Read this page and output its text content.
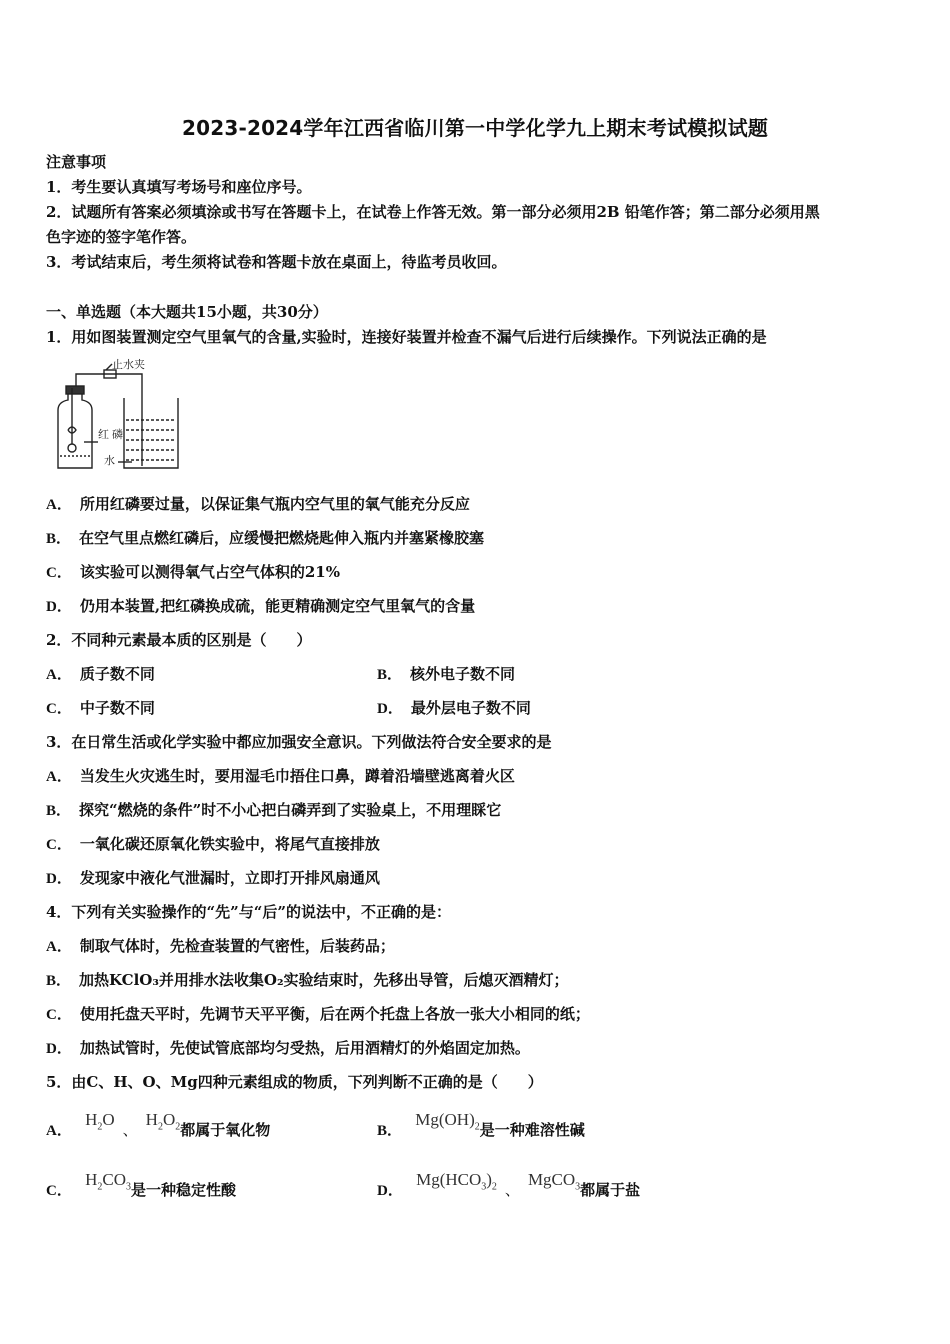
2023-2024学年江西省临川第一中学化学九上期末考试模拟试题
注意事项
1．考生要认真填写考场号和座位序号。
2．试题所有答案必须填涂或书写在答题卡上，在试卷上作答无效。第一部分必须用2B 铅笔作答；第二部分必须用黑
色字迹的签字笔作答。
3．考试结束后，考生须将试卷和答题卡放在桌面上，待监考员收回。
一、单选题（本大题共15小题，共30分）
1．用如图装置测定空气里氧气的含量,实验时，连接好装置并检查不漏气后进行后续操作。下列说法正确的是
止水夹
红 磷
水
A． 所用红磷要过量，以保证集气瓶内空气里的氧气能充分反应
B． 在空气里点燃红磷后，应缓慢把燃烧匙伸入瓶内并塞紧橡胶塞
C． 该实验可以测得氧气占空气体积的21%
D． 仍用本装置,把红磷换成硫，能更精确测定空气里氧气的含量
2．不同种元素最本质的区别是（　　）
A． 质子数不同	B． 核外电子数不同
C． 中子数不同	D． 最外层电子数不同
3．在日常生活或化学实验中都应加强安全意识。下列做法符合安全要求的是
A． 当发生火灾逃生时，要用湿毛巾捂住口鼻，蹲着沿墙壁逃离着火区
B． 探究“燃烧的条件”时不小心把白磷弄到了实验桌上，不用理睬它
C． 一氧化碳还原氧化铁实验中，将尾气直接排放
D． 发现家中液化气泄漏时，立即打开排风扇通风
4．下列有关实验操作的“先”与“后”的说法中，不正确的是：
A． 制取气体时，先检查装置的气密性，后装药品；
B． 加热KClO₃并用排水法收集O₂实验结束时，先移出导管，后熄灭酒精灯；
C． 使用托盘天平时，先调节天平平衡，后在两个托盘上各放一张大小相同的纸；
D． 加热试管时，先使试管底部均匀受热，后用酒精灯的外焰固定加热。
5．由C、H、O、Mg四种元素组成的物质，下列判断不正确的是（　　）
A． $H_2O$、$H_2O_2$都属于氧化物	B． $Mg(OH)_2$是一种难溶性碱
C． $H_2CO_3$是一种稳定性酸	D． $Mg(HCO_3)_2$ 、MgCO$_3$都属于盐
